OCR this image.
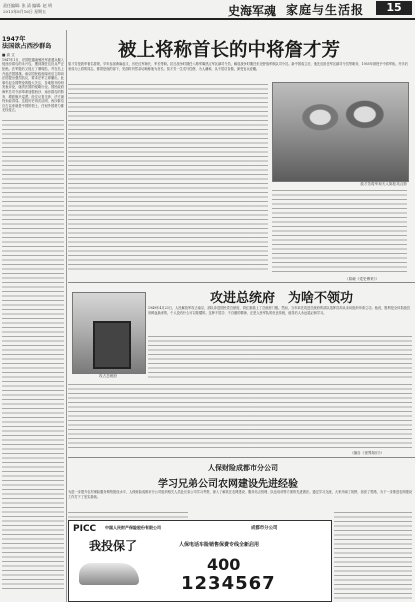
责任编辑: 张 清 编辑: 赵 明
2013年8月16日 星期五	史海军魂 家庭与生活报	15
1947年
法国欲占西沙群岛
■ 高 文
1947年1月，法国驻越南殖民军派遣兵舰入侵西沙群岛的永兴岛，遭到我驻岛官兵严正拒绝。法军随后又侵占了珊瑚岛，并在岛上升起法国国旗。南京国民政府闻讯后立即向法国提出强烈抗议，要求法军立即撤出。此事引起全国舆论的极大关注，各地报刊纷纷发表评论，谴责法国的侵略行径。国民政府海军总司令部奉命加强西沙、南沙群岛的防务，增派舰只巡逻。经过反复交涉，法方最终未能得逞。这段历史再次证明，西沙群岛自古以来就是中国的领土，任何外国势力都无权侵占。
被上将称首长的中将詹才芳
詹才芳是我军著名将领，早年参加黄麻起义，历任红军师长、军长等职。抗日战争时期任八路军冀热辽军区副司令员，解放战争时期任东北野战军纵队司令员。新中国成立后，他先后担任军区副司令员等职务，1955年被授予中将军衔。许多后来成为上将的同志，都曾是他的部下，见面时仍然亲切地称他为首长。詹才芳一生戎马倥偬，为人谦和，从不居功自傲，深受官兵爱戴。
詹才芳将军和夫人陈桂英合影
（原载《党史博采》）
攻进总统府　为啥不领功
攻占总统府
1949年4月23日，人民解放军攻占南京，部队冲进国民党总统府，将红旗插上了总统府门楼。然而，当年率先攻进总统府的部队指挥员却从未向组织申请立功。他说，胜利是全体指战员用鲜血换来的，个人没有什么可以炫耀的。这种不居功、不自傲的精神，正是人民军队的优良传统，值得后人永远铭记和学习。
（摘自《世界知识》）
人保财险成都市分公司
学习兄弟公司农网建设先进经验
为进一步提升农村保险服务网络建设水平，人保财险成都市分公司组织相关人员赴兄弟公司学习考察，深入了解其在农网建设、服务站点管理、队伍培训等方面的先进做法。通过学习交流，大家开阔了视野，拓宽了思路，为下一步推进农网建设工作打下了坚实基础。
PICC 中国人民财产保险股份有限公司	成都市分公司
我投保了	人保电话车险销售保费专线全新启用
400
1234567
